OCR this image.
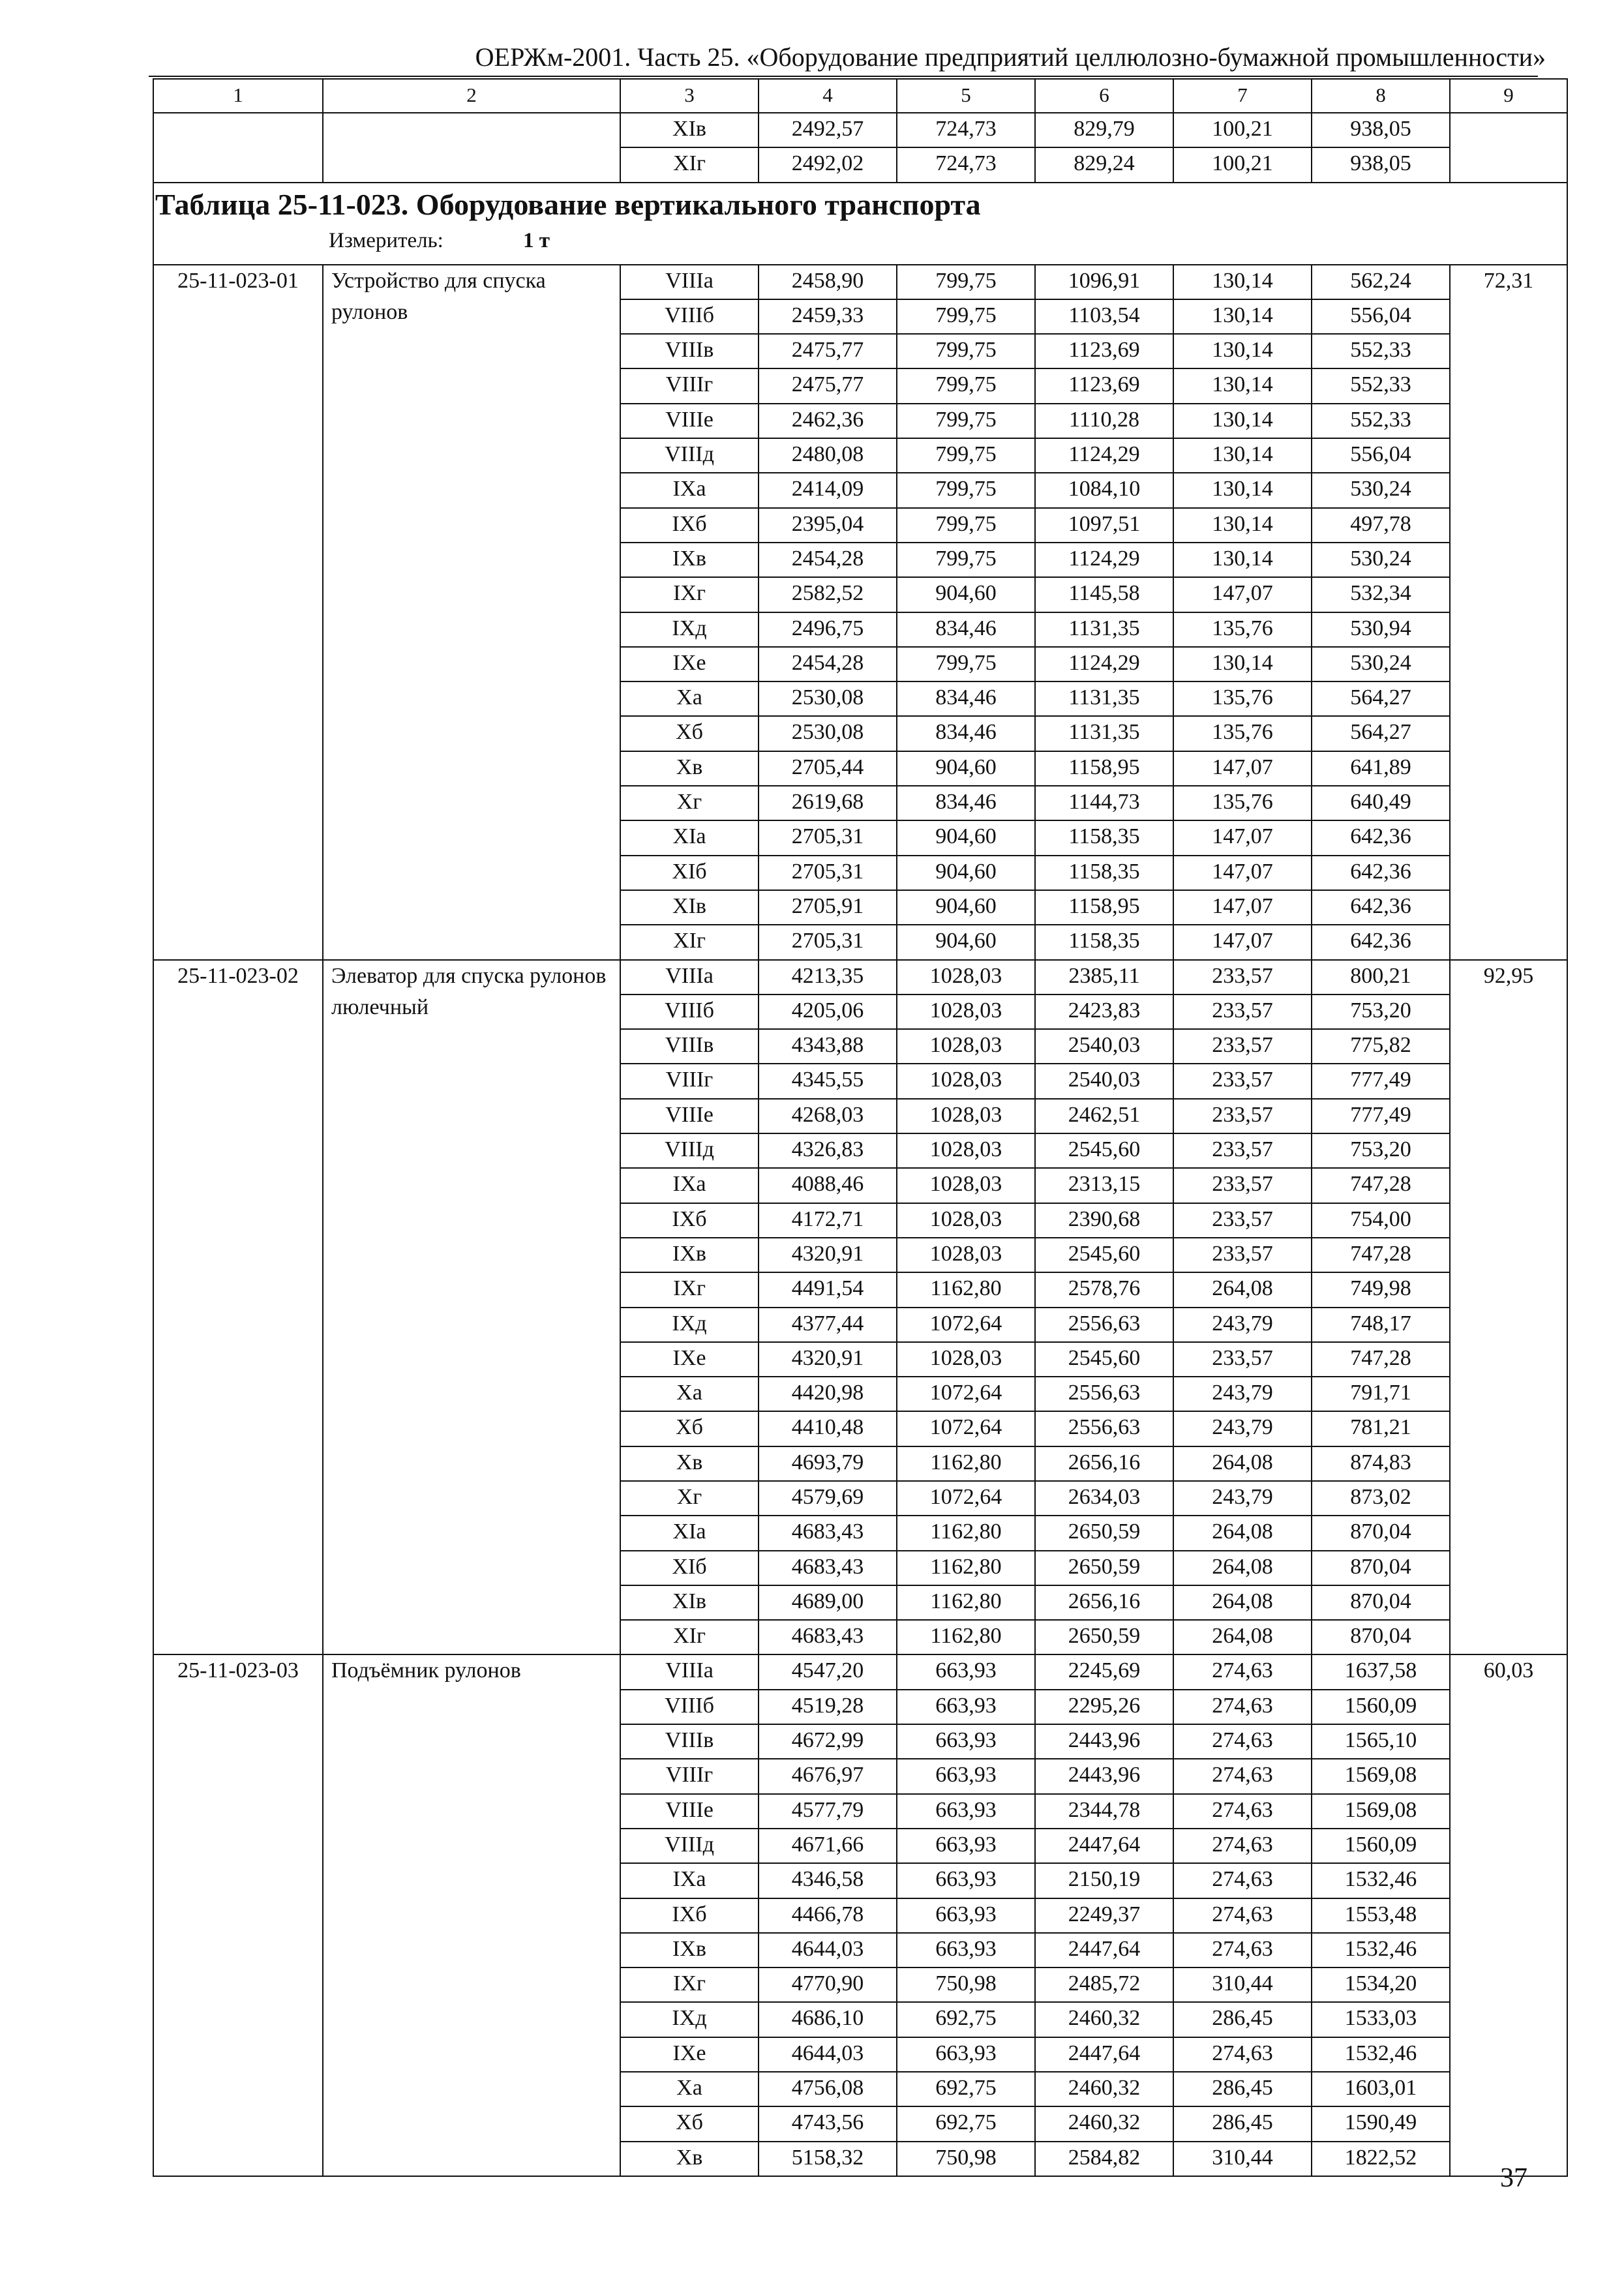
ОЕРЖм-2001. Часть 25. «Оборудование предприятий целлюлозно-бумажной промышленности»
1	2	3	4	5	6	7	8	9
		XIв	2492,57	724,73	829,79	100,21	938,05	
		XIг	2492,02	724,73	829,24	100,21	938,05	

Таблица 25-11-023. Оборудование вертикального транспорта
Измеритель: 1 т								

25-11-023-01	Устройство для спуска рулонов	VIIIа	2458,90	799,75	1096,91	130,14	562,24	72,31
		VIIIб	2459,33	799,75	1103,54	130,14	556,04	
		VIIIв	2475,77	799,75	1123,69	130,14	552,33	
		VIIIг	2475,77	799,75	1123,69	130,14	552,33	
		VIIIе	2462,36	799,75	1110,28	130,14	552,33	
		VIIIд	2480,08	799,75	1124,29	130,14	556,04	
		IXа	2414,09	799,75	1084,10	130,14	530,24	
		IXб	2395,04	799,75	1097,51	130,14	497,78	
		IXв	2454,28	799,75	1124,29	130,14	530,24	
		IXг	2582,52	904,60	1145,58	147,07	532,34	
		IXд	2496,75	834,46	1131,35	135,76	530,94	
		IXе	2454,28	799,75	1124,29	130,14	530,24	
		Xа	2530,08	834,46	1131,35	135,76	564,27	
		Xб	2530,08	834,46	1131,35	135,76	564,27	
		Xв	2705,44	904,60	1158,95	147,07	641,89	
		Xг	2619,68	834,46	1144,73	135,76	640,49	
		XIа	2705,31	904,60	1158,35	147,07	642,36	
		XIб	2705,31	904,60	1158,35	147,07	642,36	
		XIв	2705,91	904,60	1158,95	147,07	642,36	
		XIг	2705,31	904,60	1158,35	147,07	642,36	
25-11-023-02	Элеватор для спуска рулонов люлечный	VIIIа	4213,35	1028,03	2385,11	233,57	800,21	92,95
		VIIIб	4205,06	1028,03	2423,83	233,57	753,20	
		VIIIв	4343,88	1028,03	2540,03	233,57	775,82	
		VIIIг	4345,55	1028,03	2540,03	233,57	777,49	
		VIIIе	4268,03	1028,03	2462,51	233,57	777,49	
		VIIIд	4326,83	1028,03	2545,60	233,57	753,20	
		IXа	4088,46	1028,03	2313,15	233,57	747,28	
		IXб	4172,71	1028,03	2390,68	233,57	754,00	
		IXв	4320,91	1028,03	2545,60	233,57	747,28	
		IXг	4491,54	1162,80	2578,76	264,08	749,98	
		IXд	4377,44	1072,64	2556,63	243,79	748,17	
		IXе	4320,91	1028,03	2545,60	233,57	747,28	
		Xа	4420,98	1072,64	2556,63	243,79	791,71	
		Xб	4410,48	1072,64	2556,63	243,79	781,21	
		Xв	4693,79	1162,80	2656,16	264,08	874,83	
		Xг	4579,69	1072,64	2634,03	243,79	873,02	
		XIа	4683,43	1162,80	2650,59	264,08	870,04	
		XIб	4683,43	1162,80	2650,59	264,08	870,04	
		XIв	4689,00	1162,80	2656,16	264,08	870,04	
		XIг	4683,43	1162,80	2650,59	264,08	870,04	
25-11-023-03	Подъёмник рулонов	VIIIа	4547,20	663,93	2245,69	274,63	1637,58	60,03
		VIIIб	4519,28	663,93	2295,26	274,63	1560,09	
		VIIIв	4672,99	663,93	2443,96	274,63	1565,10	
		VIIIг	4676,97	663,93	2443,96	274,63	1569,08	
		VIIIе	4577,79	663,93	2344,78	274,63	1569,08	
		VIIIд	4671,66	663,93	2447,64	274,63	1560,09	
		IXа	4346,58	663,93	2150,19	274,63	1532,46	
		IXб	4466,78	663,93	2249,37	274,63	1553,48	
		IXв	4644,03	663,93	2447,64	274,63	1532,46	
		IXг	4770,90	750,98	2485,72	310,44	1534,20	
		IXд	4686,10	692,75	2460,32	286,45	1533,03	
		IXе	4644,03	663,93	2447,64	274,63	1532,46	
		Xа	4756,08	692,75	2460,32	286,45	1603,01	
		Xб	4743,56	692,75	2460,32	286,45	1590,49	
		Xв	5158,32	750,98	2584,82	310,44	1822,52	
37
